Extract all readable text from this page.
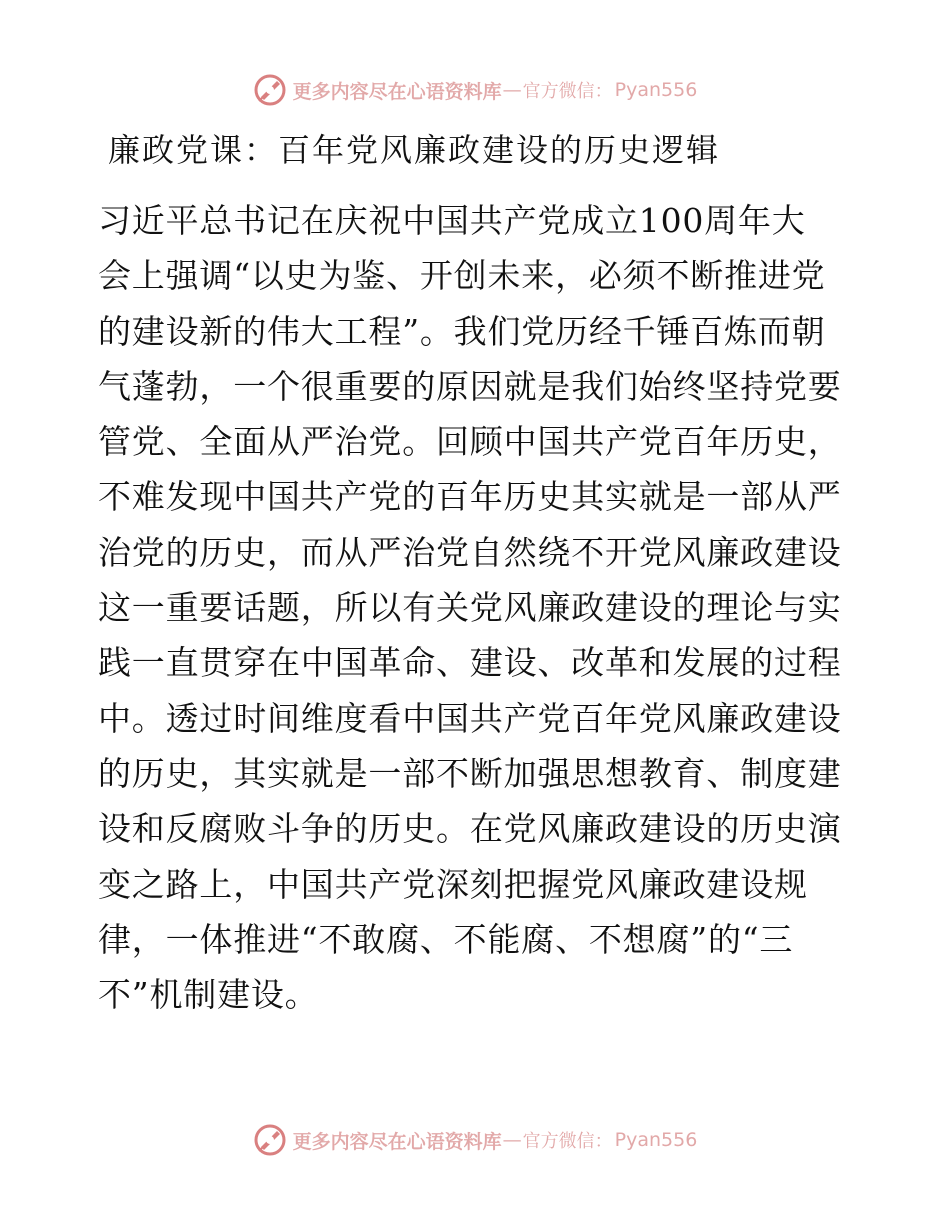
更多内容尽在心语资料库 — 官方微信： Pyan556
廉政党课：百年党风廉政建设的历史逻辑
习近平总书记在庆祝中国共产党成立100周年大
会上强调“以史为鉴、开创未来，必须不断推进党
的建设新的伟大工程”。我们党历经千锤百炼而朝
气蓬勃，一个很重要的原因就是我们始终坚持党要
管党、全面从严治党。回顾中国共产党百年历史，
不难发现中国共产党的百年历史其实就是一部从严
治党的历史，而从严治党自然绕不开党风廉政建设
这一重要话题，所以有关党风廉政建设的理论与实
践一直贯穿在中国革命、建设、改革和发展的过程
中。透过时间维度看中国共产党百年党风廉政建设
的历史，其实就是一部不断加强思想教育、制度建
设和反腐败斗争的历史。在党风廉政建设的历史演
变之路上，中国共产党深刻把握党风廉政建设规
律，一体推进“不敢腐、不能腐、不想腐”的“三
不”机制建设。
更多内容尽在心语资料库 — 官方微信： Pyan556
